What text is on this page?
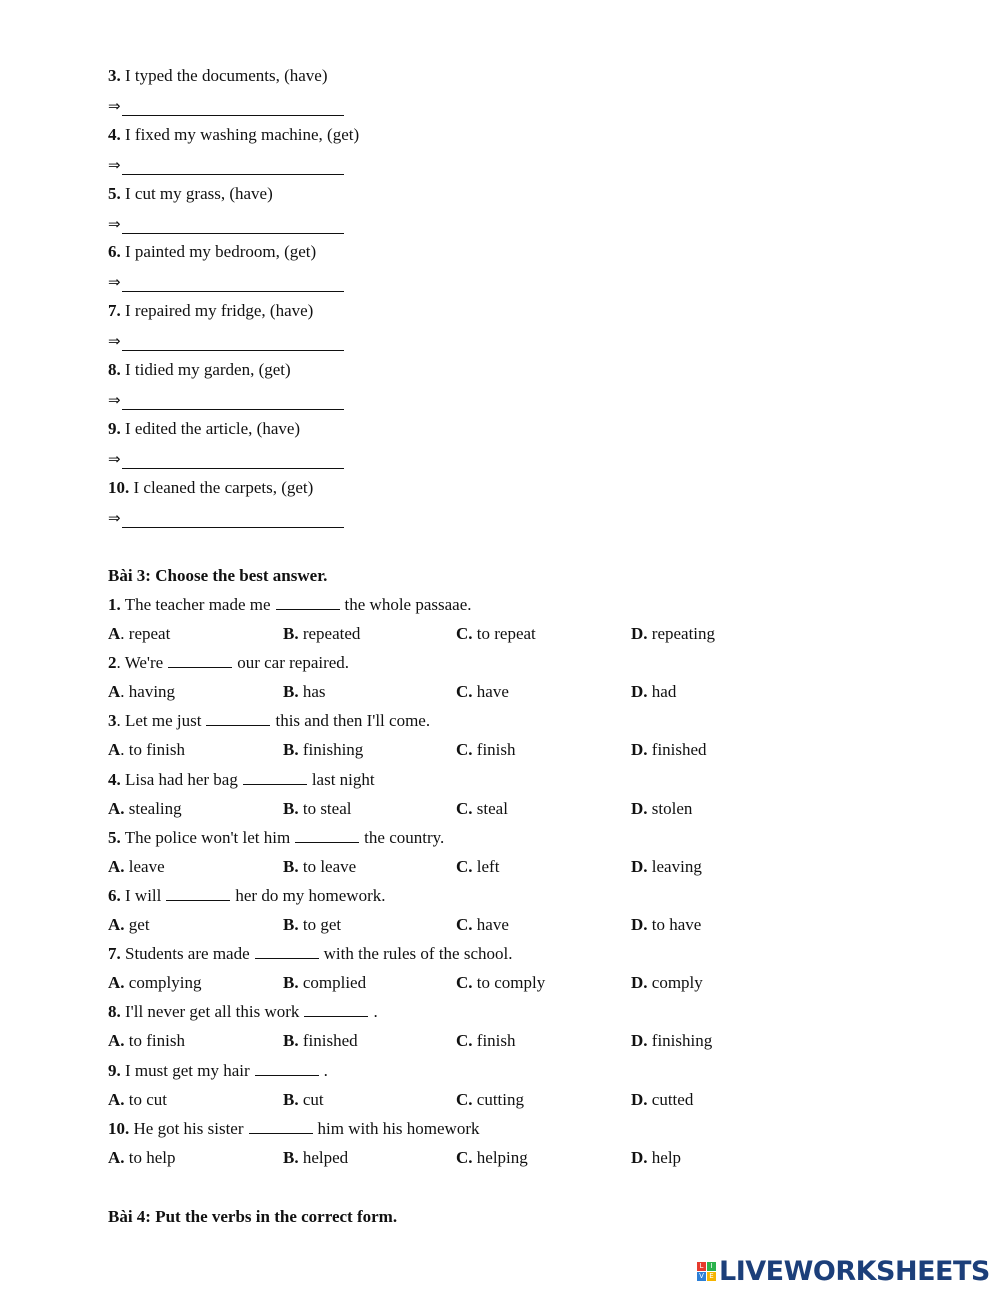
3. I typed the documents, (have)
⇒
4. I fixed my washing machine, (get)
⇒
5. I cut my grass, (have)
⇒
6. I painted my bedroom, (get)
⇒
7. I repaired my fridge, (have)
⇒
8. I tidied my garden, (get)
⇒
9. I edited the article, (have)
⇒
10. I cleaned the carpets, (get)
⇒
Bài 3: Choose the best answer.
1. The teacher made me	the whole passaae.
A. repeat	B. repeated	C. to repeat	D. repeating
2. We're	our car repaired.
A. having	B. has	C. have	D. had
3. Let me just	this and then I'll come.
A. to finish	B. finishing	C. finish	D. finished
4. Lisa had her bag	last night
A. stealing	B. to steal	C. steal	D. stolen
5. The police won't let him	the country.
A. leave	B. to leave	C. left	D. leaving
6. I will	her do my homework.
A. get	B. to get	C. have	D. to have
7. Students are made	with the rules of the school.
A. complying	B. complied	C. to comply	D. comply
8. I'll never get all this work	.
A. to finish	B. finished	C. finish	D. finishing
9. I must get my hair	.
A. to cut	B. cut	C. cutting	D. cutted
10. He got his sister	him with his homework
A. to help	B. helped	C. helping	D. help
Bài 4: Put the verbs in the correct form.
L	I
V E LIVEWORKSHEETS
